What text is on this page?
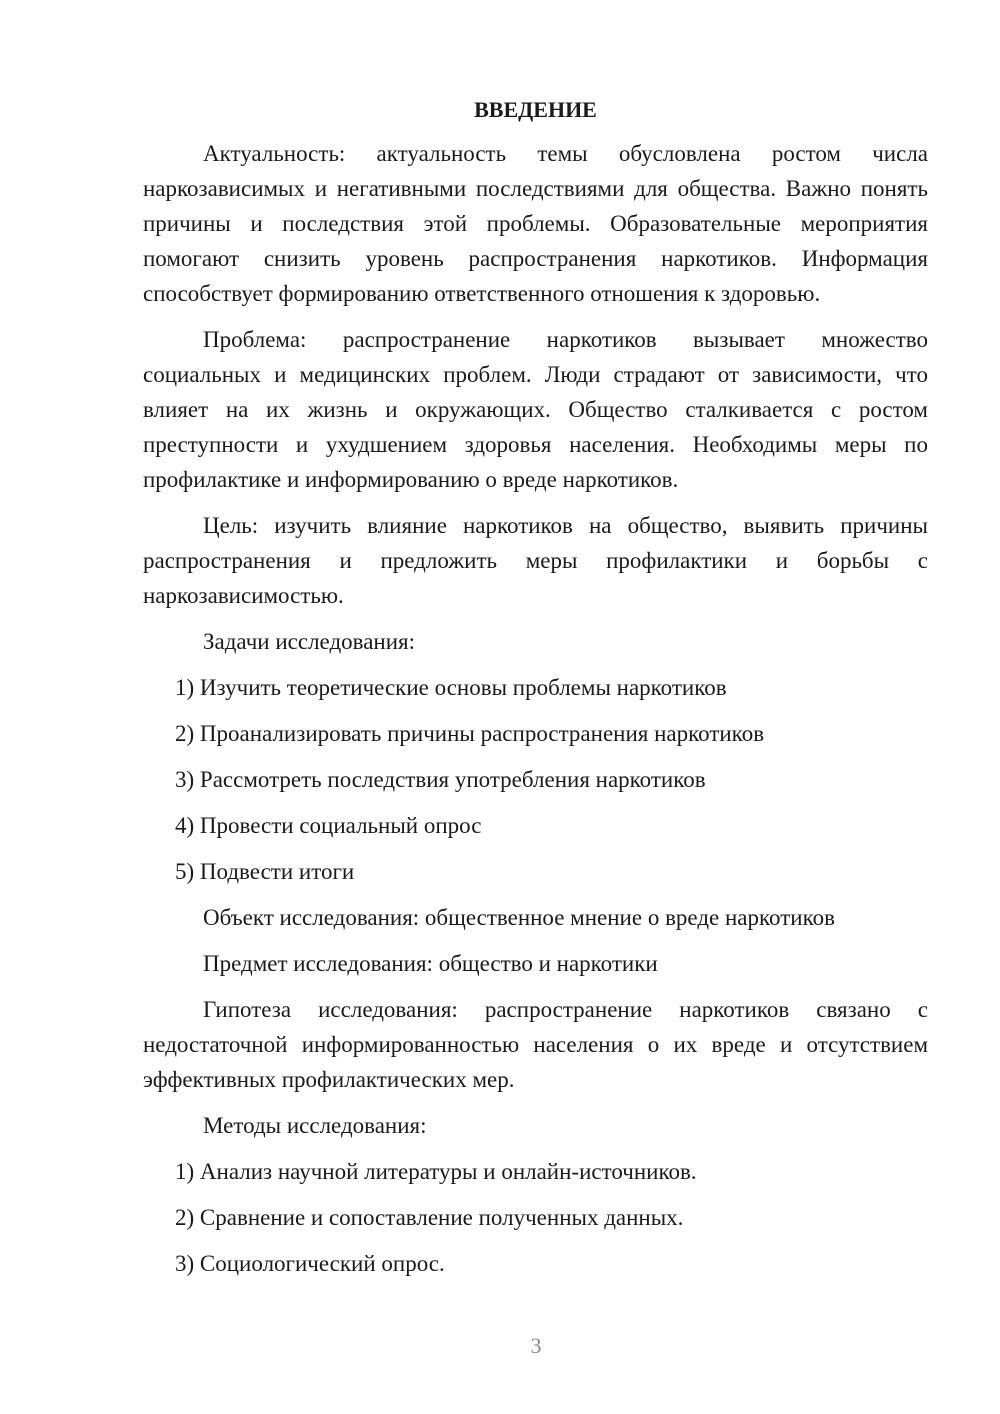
ВВЕДЕНИЕ

Актуальность: актуальность темы обусловлена ростом числа наркозависимых и негативными последствиями для общества. Важно понять причины и последствия этой проблемы. Образовательные мероприятия помогают снизить уровень распространения наркотиков. Информация способствует формированию ответственного отношения к здоровью.

Проблема: распространение наркотиков вызывает множество социальных и медицинских проблем. Люди страдают от зависимости, что влияет на их жизнь и окружающих. Общество сталкивается с ростом преступности и ухудшением здоровья населения. Необходимы меры по профилактике и информированию о вреде наркотиков.

Цель: изучить влияние наркотиков на общество, выявить причины распространения и предложить меры профилактики и борьбы с наркозависимостью.

Задачи исследования:

1) Изучить теоретические основы проблемы наркотиков

2) Проанализировать причины распространения наркотиков

3) Рассмотреть последствия употребления наркотиков

4) Провести социальный опрос

5) Подвести итоги

Объект исследования: общественное мнение о вреде наркотиков

Предмет исследования: общество и наркотики

Гипотеза исследования: распространение наркотиков связано с недостаточной информированностью населения о их вреде и отсутствием эффективных профилактических мер.

Методы исследования:

1) Анализ научной литературы и онлайн-источников.

2) Сравнение и сопоставление полученных данных.

3) Социологический опрос.

3
